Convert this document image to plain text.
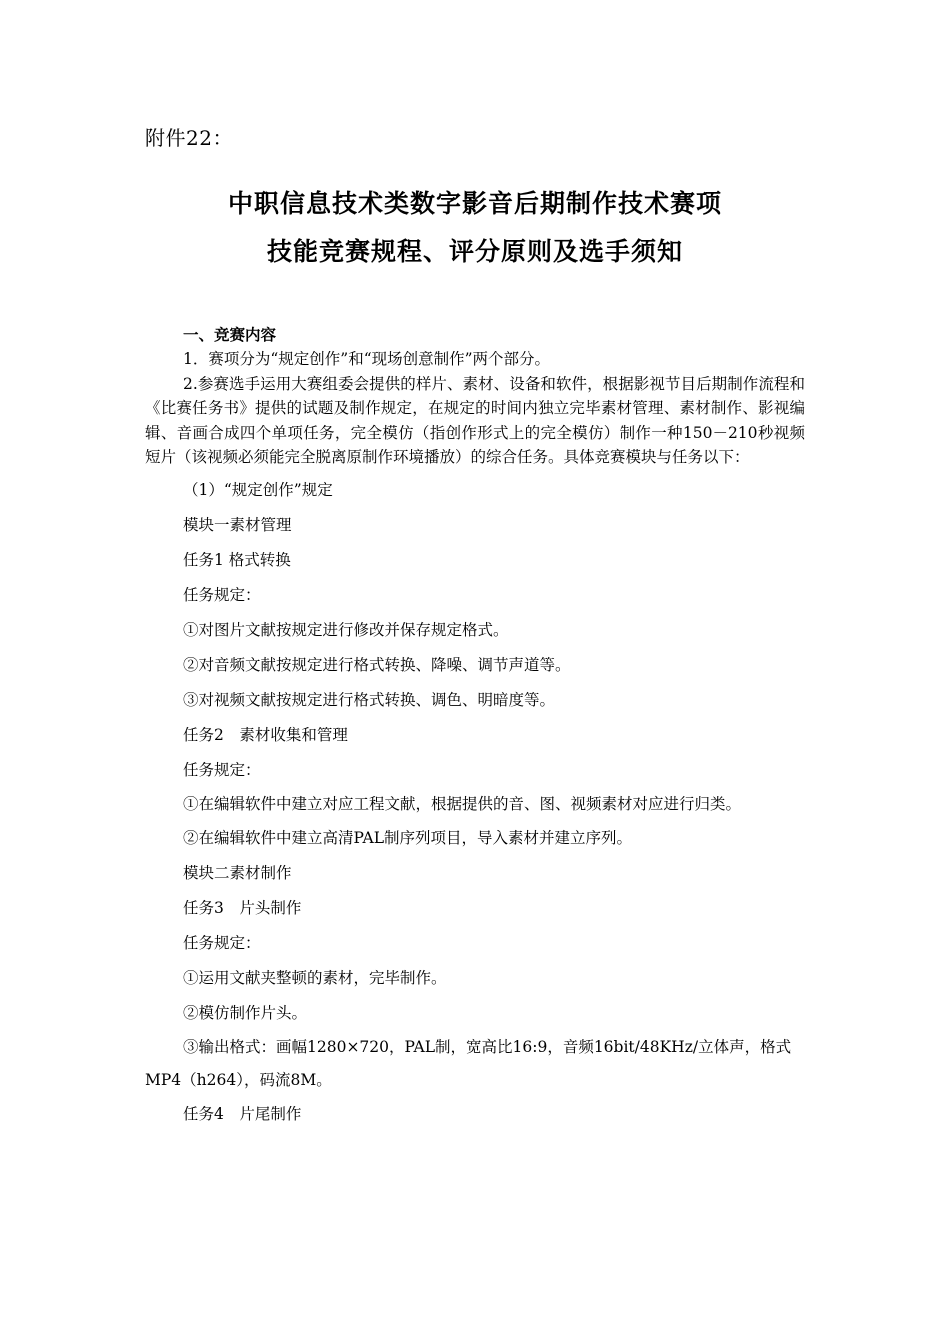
附件22：

中职信息技术类数字影音后期制作技术赛项
技能竞赛规程、评分原则及选手须知
一、竞赛内容

1．赛项分为“规定创作”和“现场创意制作”两个部分。

2.参赛选手运用大赛组委会提供的样片、素材、设备和软件，根据影视节目后期制作流程和《比赛任务书》提供的试题及制作规定，在规定的时间内独立完毕素材管理、素材制作、影视编辑、音画合成四个单项任务，完全模仿（指创作形式上的完全模仿）制作一种150－210秒视频短片（该视频必须能完全脱离原制作环境播放）的综合任务。具体竞赛模块与任务以下：

（1）“规定创作”规定

模块一素材管理

任务1 格式转换

任务规定：

①对图片文献按规定进行修改并保存规定格式。

②对音频文献按规定进行格式转换、降噪、调节声道等。

③对视频文献按规定进行格式转换、调色、明暗度等。

任务2　素材收集和管理

任务规定：

①在编辑软件中建立对应工程文献，根据提供的音、图、视频素材对应进行归类。

②在编辑软件中建立高清PAL制序列项目，导入素材并建立序列。

模块二素材制作

任务3　片头制作

任务规定：

①运用文献夹整顿的素材，完毕制作。

②模仿制作片头。

③输出格式：画幅1280×720，PAL制，宽高比16:9，音频16bit/48KHz/立体声，格式MP4（h264），码流8M。

任务4　片尾制作
